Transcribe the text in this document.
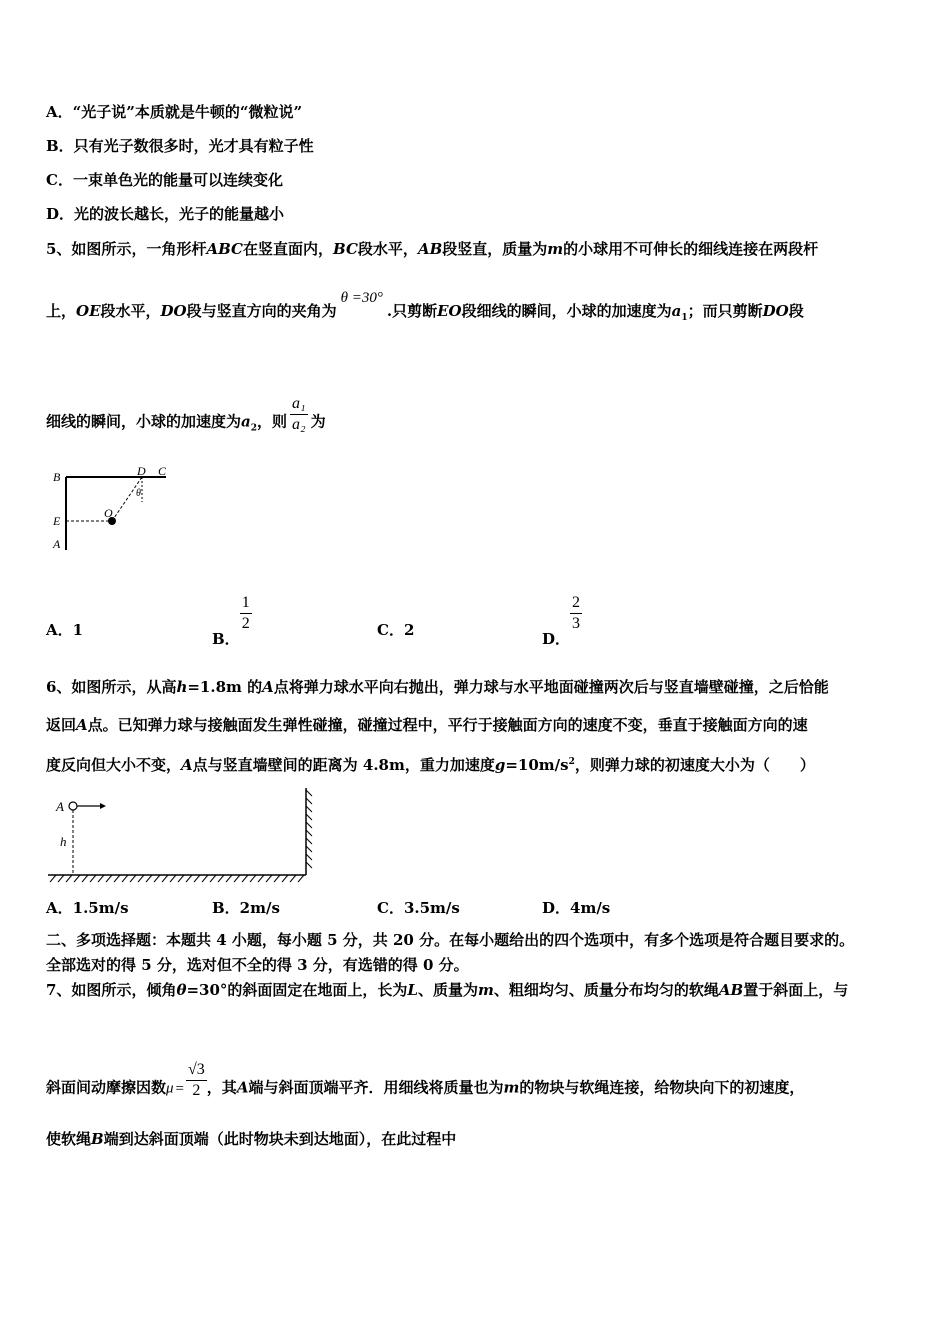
A．“光子说”本质就是牛顿的“微粒说”
B．只有光子数很多时，光才具有粒子性
C．一束单色光的能量可以连续变化
D．光的波长越长，光子的能量越小
5、如图所示，一角形杆ABC在竖直面内，BC段水平，AB段竖直，质量为m的小球用不可伸长的细线连接在两段杆
上，OE段水平，DO段与竖直方向的夹角为θ =30°.只剪断EO段细线的瞬间，小球的加速度为$a_1$；而只剪断DO段
细线的瞬间，小球的加速度为$a_2$，则 $\frac{\text{a₁}}{\text{a₂}}$ 为
B	D C
E
O
A
θ
A．1	B．
$\frac{1}{2}$	C．2	D．
$\frac{2}{3}$
6、如图所示，从高h=1.8m 的A点将弹力球水平向右抛出，弹力球与水平地面碰撞两次后与竖直墙壁碰撞，之后恰能
返回A点。已知弹力球与接触面发生弹性碰撞，碰撞过程中，平行于接触面方向的速度不变，垂直于接触面方向的速
度反向但大小不变，A点与竖直墙壁间的距离为 4.8m，重力加速度$g=10m/s^2$，则弹力球的初速度大小为（　　）
A
h
A．1.5m/s	B．2m/s	C．3.5m/s	D．4m/s
二、多项选择题：本题共 4 小题，每小题 5 分，共 20 分。在每小题给出的四个选项中，有多个选项是符合题目要求的。
全部选对的得 5 分，选对但不全的得 3 分，有选错的得 0 分。
7、如图所示，倾角θ=30°的斜面固定在地面上，长为L、质量为m、粗细均匀、质量分布均匀的软绳AB置于斜面上，与
斜面间动摩擦因数$\mu = \frac{√3}{2}$ ，其A端与斜面顶端平齐．用细线将质量也为m的物块与软绳连接，给物块向下的初速度，
使软绳B端到达斜面顶端（此时物块未到达地面），在此过程中
